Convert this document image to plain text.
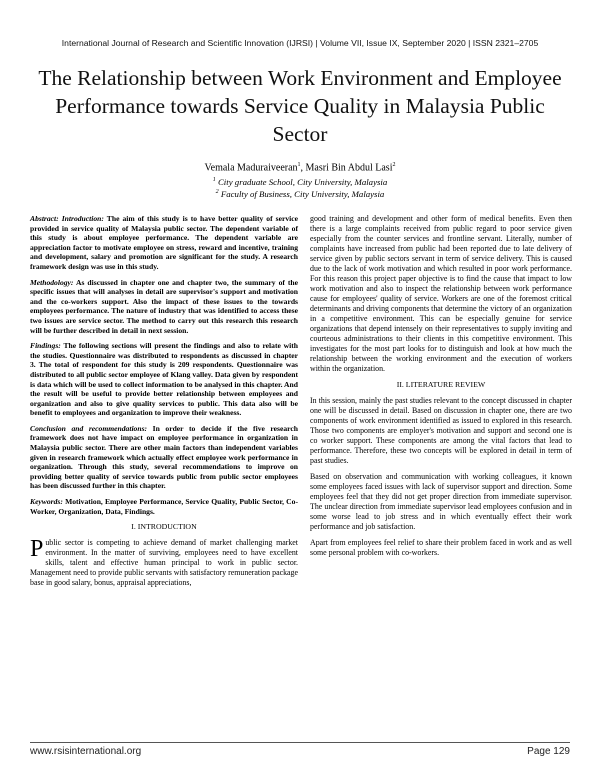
International Journal of Research and Scientific Innovation (IJRSI) | Volume VII, Issue IX, September 2020 | ISSN 2321–2705
The Relationship between Work Environment and Employee Performance towards Service Quality in Malaysia Public Sector
Vemala Maduraiveeran$^1$, Masri Bin Abdul Lasi$^2$
$^1$ City graduate School, City University, Malaysia
$^2$ Faculty of Business, City University, Malaysia

Abstract: Introduction: The aim of this study is to have better quality of service provided in service quality of Malaysia public sector. The dependent variable of this study is about employee performance. The dependent variable are appreciation factor to motivate employee on stress, reward and incentive, training and development, salary and promotion are significant for the study. A research framework design was use in this study.

Methodology: As discussed in chapter one and chapter two, the summary of the specific issues that will analyses in detail are supervisor's support and motivation and the co-workers support. Also the impact of these issues to the towards employees performance. The nature of industry that was identified to access these two issues are service sector. The method to carry out this research this research will be further described in detail in next session.

Findings: The following sections will present the findings and also to relate with the studies. Questionnaire was distributed to respondents as discussed in chapter 3. The total of respondent for this study is 209 respondents. Questionnaire was distributed to all public sector employee of Klang valley. Data given by respondent is data which will be used to collect information to be analysed in this chapter. And the result will be useful to provide better relationship between employees and organization and also to give quality services to public. This data also will be benefit to employees and organization to improve their weakness.

Conclusion and recommendations: In order to decide if the five research framework does not have impact on employee performance in organization in Malaysia public sector. There are other main factors than independent variables given in research framework which actually effect employee work performance in organization. Through this study, several recommendations to improve on providing better quality of service towards public from public sector employees has been discussed further in this chapter.

Keywords: Motivation, Employee Performance, Service Quality, Public Sector, Co-Worker, Organization, Data, Findings.

I. INTRODUCTION

Public sector is competing to achieve demand of market challenging market environment. In the matter of surviving, employees need to have excellent skills, talent and effective human principal to work in public sector. Management need to provide public servants with satisfactory remuneration package base in good salary, bonus, appraisal appreciations,

good training and development and other form of medical benefits. Even then there is a large complaints received from public regard to poor service given especially from the counter services and frontline servant. Literally, number of complaints have increased from public had been reported due to late delivery of service given by public sectors servant in term of service delivery. This is caused due to the lack of work motivation and which resulted in poor work performance. For this reason this project paper objective is to find the cause that impact to low work motivation and also to inspect the relationship between work performance cause for employees' quality of service. Workers are one of the foremost critical determinants and driving components that determine the victory of an organization in a competitive environment. This can be especially genuine for service organizations that depend intensely on their representatives to supply inviting and courteous administrations to their clients in this competitive environment. This investigates for the most part looks for to distinguish and look at how much the relationship between the working environment and the execution of workers within the organization.

II. LITERATURE REVIEW

In this session, mainly the past studies relevant to the concept discussed in chapter one will be discussed in detail. Based on discussion in chapter one, there are two components of work environment identified as issued to explored in this research. Those two components are employer's motivation and support and second one is co worker support. These components are among the vital factors that lead to performance. Therefore, these two concepts will be explored in detail in term of past studies.

Based on observation and communication with working colleagues, it known some employees faced issues with lack of supervisor support and direction. Some employees feel that they did not get proper direction from immediate supervisor. The unclear direction from immediate supervisor lead employees confusion and in some worse lead to job stress and in which eventually effect their work performance and job satisfaction.

Apart from employees feel relief to share their problem faced in work and as well some personal problem with co-workers.

www.rsisinternational.org	Page 129
